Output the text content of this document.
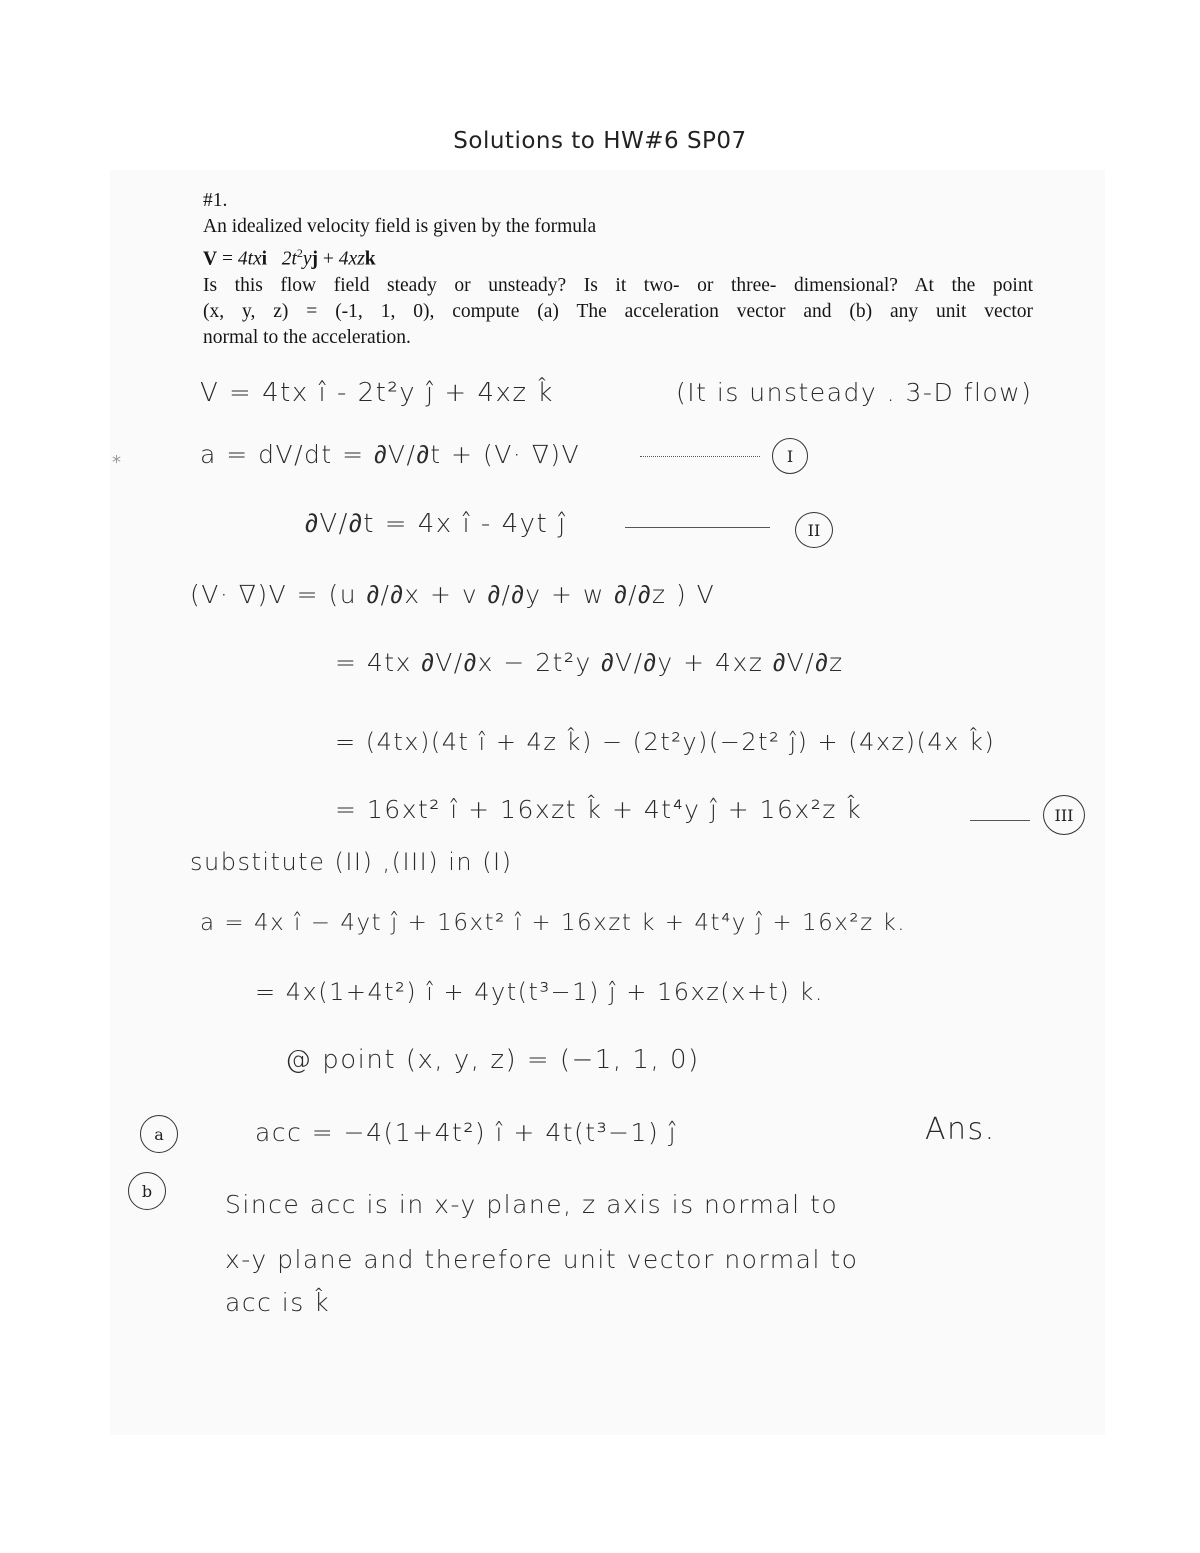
Solutions to HW#6 SP07
#1.
An idealized velocity field is given by the formula
V = 4txi $2t^2yj + 4xzk$
Is this flow field steady or unsteady? Is it two- or three- dimensional? At the point
(x, y, z) = (-1, 1, 0), compute (a) The acceleration vector and (b) any unit vector
normal to the acceleration.
V = 4tx î - 2t²y ĵ + 4xz k̂	(It is unsteady . 3-D flow)
*	a = dV/dt = ∂V/∂t + (V· ∇)V	I
∂V/∂t = 4x î - 4yt ĵ	II
(V· ∇)V = (u ∂/∂x + v ∂/∂y + w ∂/∂z ) V
= 4tx ∂V/∂x − 2t²y ∂V/∂y + 4xz ∂V/∂z
= (4tx)(4t î + 4z k̂) − (2t²y)(−2t² ĵ) + (4xz)(4x k̂)
= 16xt² î + 16xzt k̂ + 4t⁴y ĵ + 16x²z k̂	III
substitute (II) ,(III) in (I)
a = 4x î − 4yt ĵ + 16xt² î + 16xzt k + 4t⁴y ĵ + 16x²z k.
= 4x(1+4t²) î + 4yt(t³−1) ĵ + 16xz(x+t) k.
@ point (x, y, z) = (−1, 1, 0)
a	acc = −4(1+4t²) î + 4t(t³−1) ĵ	Ans.
b	Since acc is in x-y plane, z axis is normal to
x-y plane and therefore unit vector normal to
acc is k̂
